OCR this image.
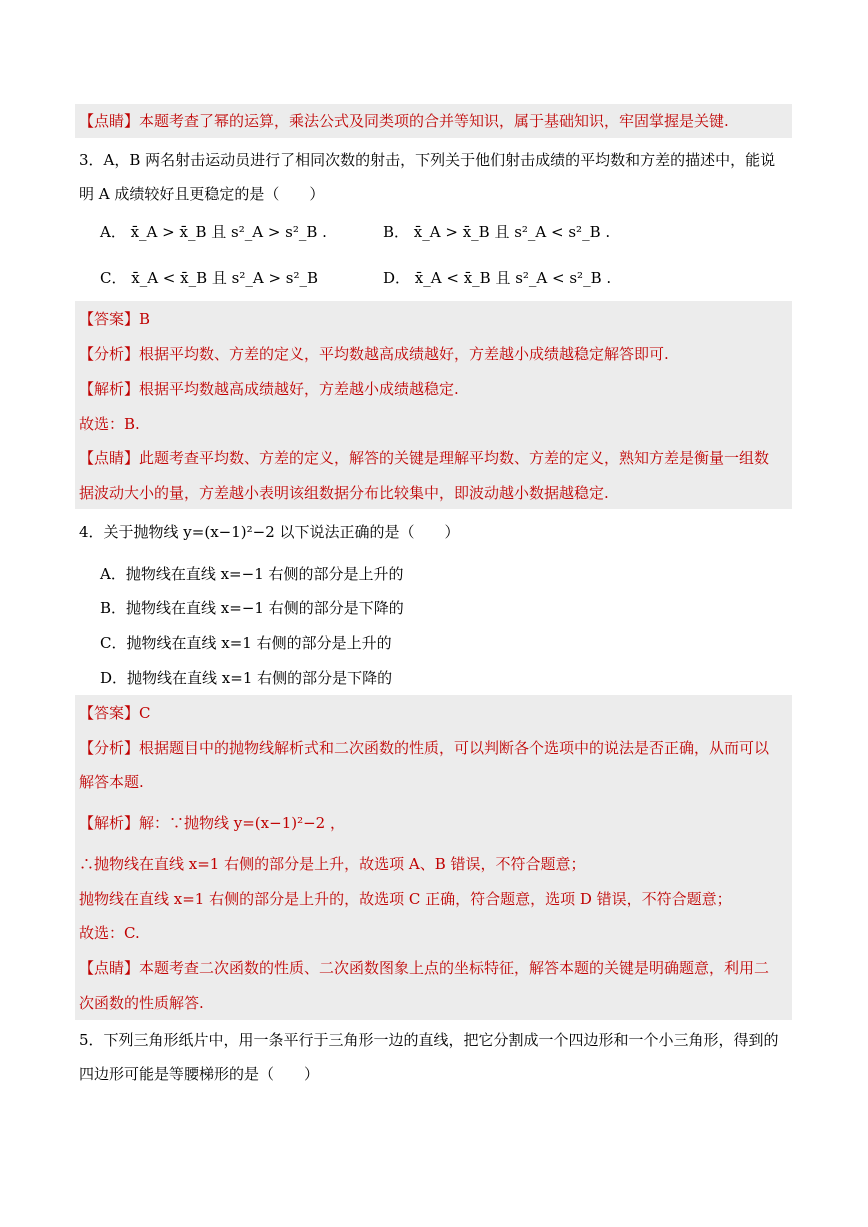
【点睛】本题考查了幂的运算，乘法公式及同类项的合并等知识，属于基础知识，牢固掌握是关键.
3．A，B 两名射击运动员进行了相同次数的射击，下列关于他们射击成绩的平均数和方差的描述中，能说
明 A 成绩较好且更稳定的是（　　）
A． x̄_A > x̄_B 且 s²_A > s²_B .	B． x̄_A > x̄_B 且 s²_A < s²_B .
C． x̄_A < x̄_B 且 s²_A > s²_B	D． x̄_A < x̄_B 且 s²_A < s²_B .
【答案】B
【分析】根据平均数、方差的定义，平均数越高成绩越好，方差越小成绩越稳定解答即可.
【解析】根据平均数越高成绩越好，方差越小成绩越稳定.
故选：B.
【点睛】此题考查平均数、方差的定义，解答的关键是理解平均数、方差的定义，熟知方差是衡量一组数
据波动大小的量，方差越小表明该组数据分布比较集中，即波动越小数据越稳定.
4．关于抛物线 y=(x−1)²−2 以下说法正确的是（　　）
A．抛物线在直线 x=−1 右侧的部分是上升的
B．抛物线在直线 x=−1 右侧的部分是下降的
C．抛物线在直线 x=1 右侧的部分是上升的
D．抛物线在直线 x=1 右侧的部分是下降的
【答案】C
【分析】根据题目中的抛物线解析式和二次函数的性质，可以判断各个选项中的说法是否正确，从而可以
解答本题.
【解析】解：∵抛物线 y=(x−1)²−2 ，
∴抛物线在直线 x=1 右侧的部分是上升，故选项 A、B 错误，不符合题意；
抛物线在直线 x=1 右侧的部分是上升的，故选项 C 正确，符合题意，选项 D 错误，不符合题意；
故选：C.
【点睛】本题考查二次函数的性质、二次函数图象上点的坐标特征，解答本题的关键是明确题意，利用二
次函数的性质解答.
5．下列三角形纸片中，用一条平行于三角形一边的直线，把它分割成一个四边形和一个小三角形，得到的
四边形可能是等腰梯形的是（　　）
